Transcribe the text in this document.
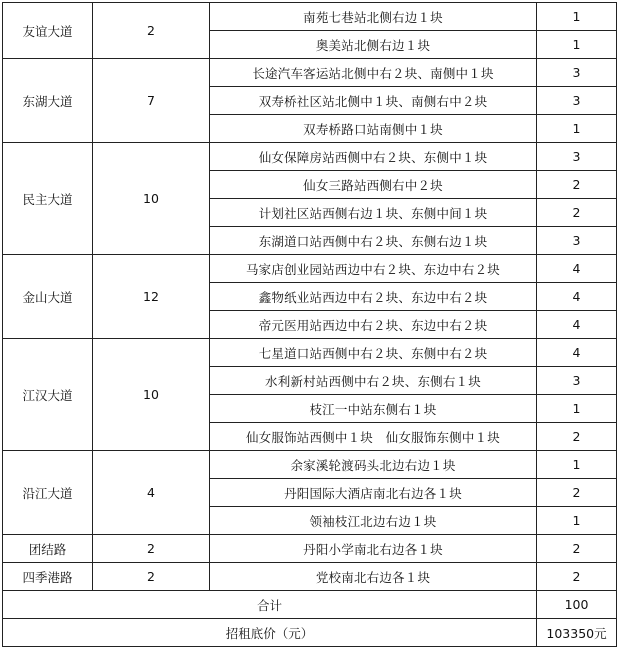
友谊大道	2	南苑七巷站北侧右边１块	1
		奥美站北侧右边１块	1
东湖大道	7	长途汽车客运站北侧中右２块、南侧中１块	3
		双寿桥社区站北侧中１块、南侧右中２块	3
		双寿桥路口站南侧中１块	1
民主大道	10	仙女保障房站西侧中右２块、东侧中１块	3
		仙女三路站西侧右中２块	2
		计划社区站西侧右边１块、东侧中间１块	2
		东湖道口站西侧中右２块、东侧右边１块	3
金山大道	12	马家店创业园站西边中右２块、东边中右２块	4
		鑫物纸业站西边中右２块、东边中右２块	4
		帝元医用站西边中右２块、东边中右２块	4
江汉大道	10	七星道口站西侧中右２块、东侧中右２块	4
		水利新村站西侧中右２块、东侧右１块	3
		枝江一中站东侧右１块	1
		仙女服饰站西侧中１块　仙女服饰东侧中１块	2
沿江大道	4	余家溪轮渡码头北边右边１块	1
		丹阳国际大酒店南北右边各１块	2
		领袖枝江北边右边１块	1
团结路	2	丹阳小学南北右边各１块	2
四季港路	2	党校南北右边各１块	2
合计			100
招租底价（元）			103350元
